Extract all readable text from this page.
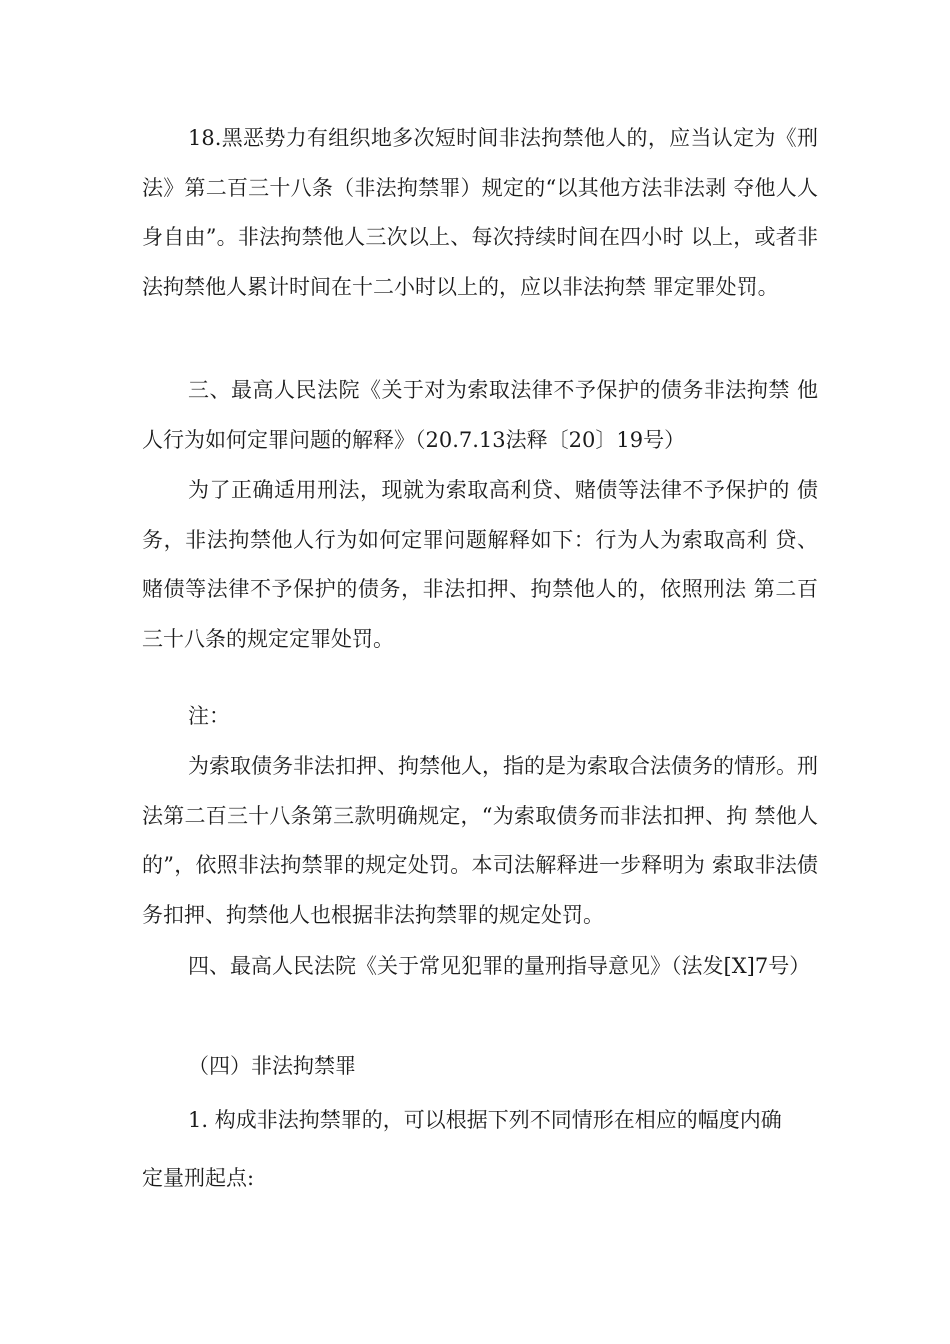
18.黑恶势力有组织地多次短时间非法拘禁他人的，应当认定为《刑法》第二百三十八条（非法拘禁罪）规定的“以其他方法非法剥 夺他人人身自由”。非法拘禁他人三次以上、每次持续时间在四小时 以上，或者非法拘禁他人累计时间在十二小时以上的，应以非法拘禁 罪定罪处罚。

三、最高人民法院《关于对为索取法律不予保护的债务非法拘禁 他人行为如何定罪问题的解释》（20.7.13法释〔20〕19号）

为了正确适用刑法，现就为索取高利贷、赌债等法律不予保护的 债务，非法拘禁他人行为如何定罪问题解释如下：行为人为索取高利 贷、赌债等法律不予保护的债务，非法扣押、拘禁他人的，依照刑法 第二百三十八条的规定定罪处罚。

注：

为索取债务非法扣押、拘禁他人，指的是为索取合法债务的情形。刑法第二百三十八条第三款明确规定，“为索取债务而非法扣押、拘 禁他人的”，依照非法拘禁罪的规定处罚。本司法解释进一步释明为 索取非法债务扣押、拘禁他人也根据非法拘禁罪的规定处罚。

四、最高人民法院《关于常见犯罪的量刑指导意见》（法发[X]7号）

（四）非法拘禁罪

1. 构成非法拘禁罪的，可以根据下列不同情形在相应的幅度内确
定量刑起点:
